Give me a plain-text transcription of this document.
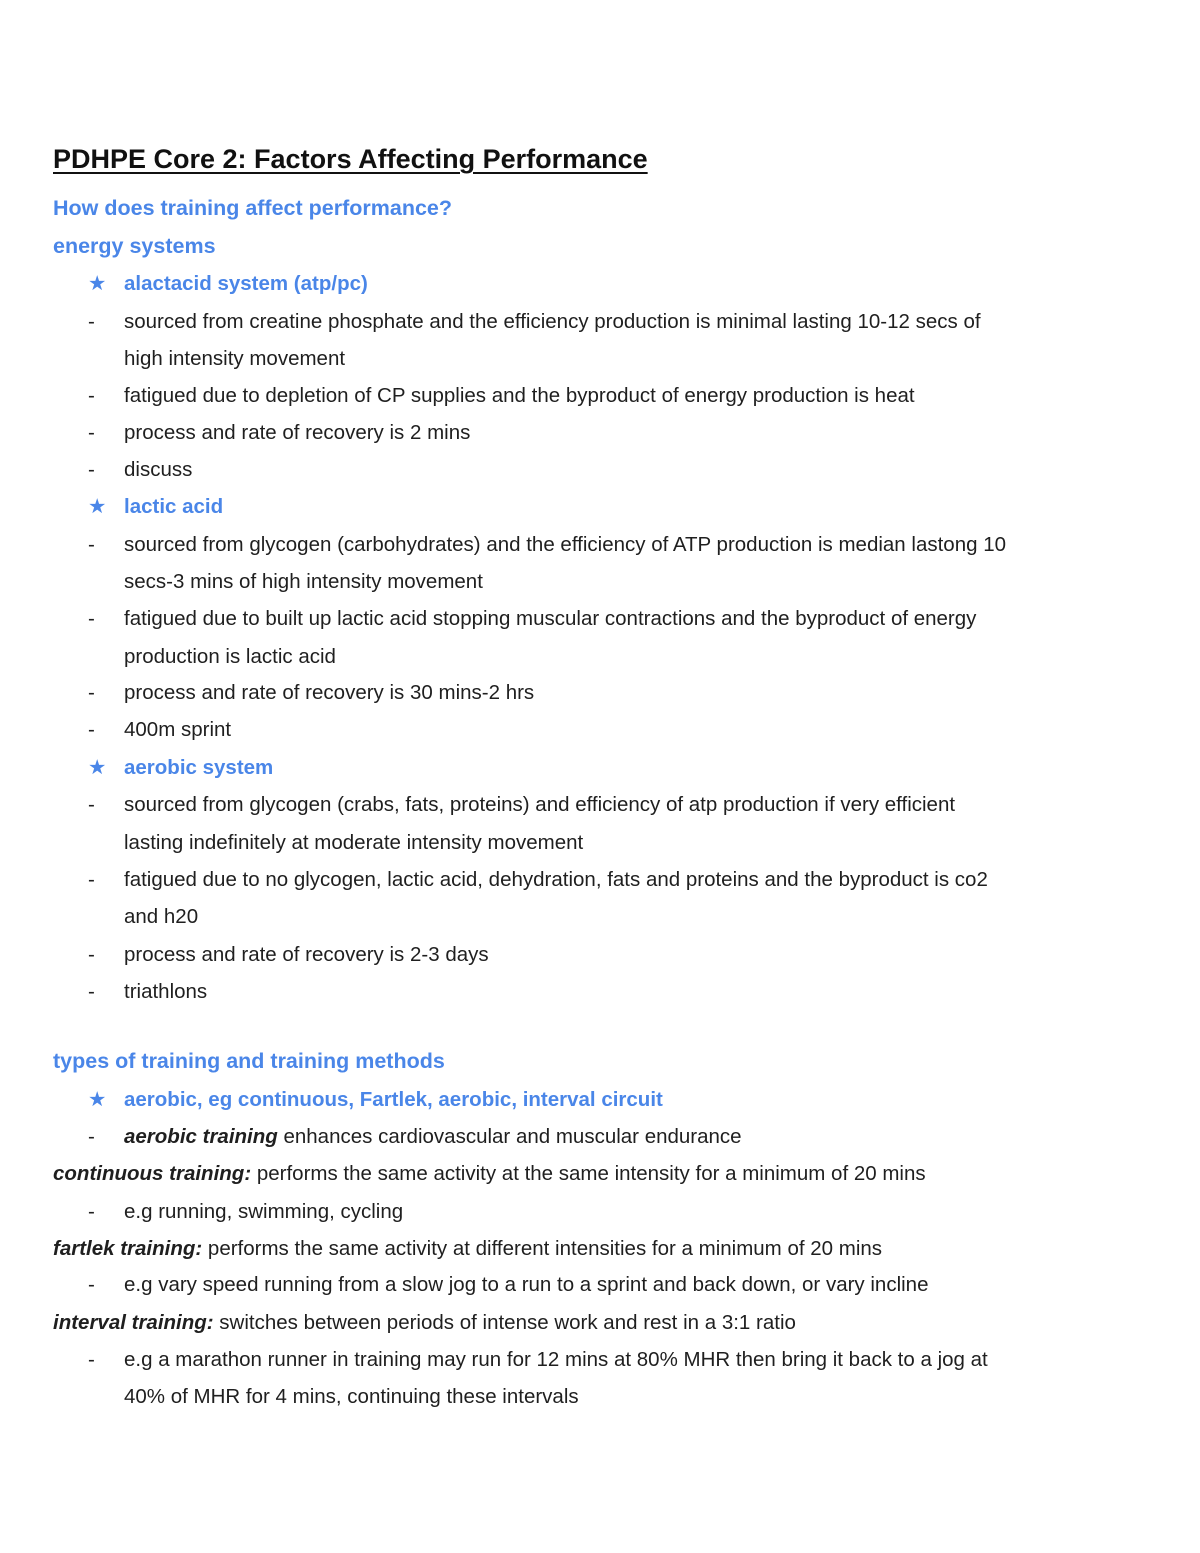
PDHPE Core 2: Factors Affecting Performance
How does training affect performance?
energy systems
★ alactacid system (atp/pc)
- sourced from creatine phosphate and the efficiency production is minimal lasting 10-12 secs of
high intensity movement
- fatigued due to depletion of CP supplies and the byproduct of energy production is heat
- process and rate of recovery is 2 mins
- discuss
★ lactic acid
- sourced from glycogen (carbohydrates) and the efficiency of ATP production is median lastong 10
secs-3 mins of high intensity movement
- fatigued due to built up lactic acid stopping muscular contractions and the byproduct of energy
production is lactic acid
- process and rate of recovery is 30 mins-2 hrs
- 400m sprint
★ aerobic system
- sourced from glycogen (crabs, fats, proteins) and efficiency of atp production if very efficient
lasting indefinitely at moderate intensity movement
- fatigued due to no glycogen, lactic acid, dehydration, fats and proteins and the byproduct is co2
and h20
- process and rate of recovery is 2-3 days
- triathlons
types of training and training methods
★ aerobic, eg continuous, Fartlek, aerobic, interval circuit
- aerobic training enhances cardiovascular and muscular endurance
continuous training: performs the same activity at the same intensity for a minimum of 20 mins
- e.g running, swimming, cycling
fartlek training: performs the same activity at different intensities for a minimum of 20 mins
- e.g vary speed running from a slow jog to a run to a sprint and back down, or vary incline
interval training: switches between periods of intense work and rest in a 3:1 ratio
- e.g a marathon runner in training may run for 12 mins at 80% MHR then bring it back to a jog at
40% of MHR for 4 mins, continuing these intervals
